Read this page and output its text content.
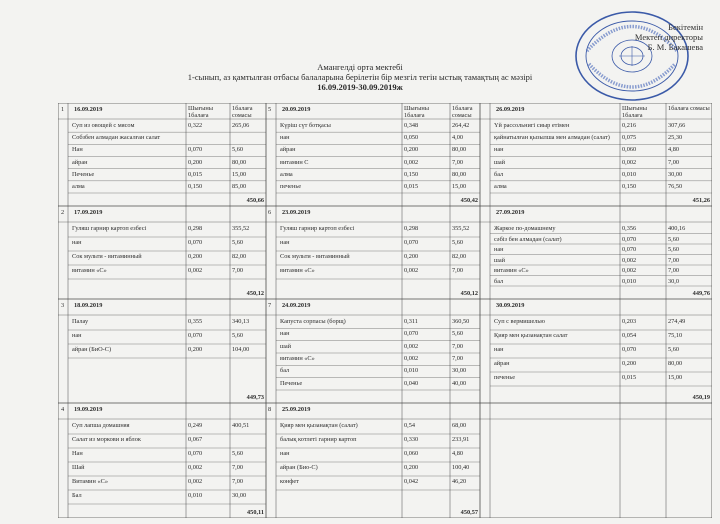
Бекітемін
Мектеп директоры
Б. М. Бакашева
Амангелді орта мектебі
1-сынып, аз қамтылған отбасы балаларына берілетін бір мезгіл тегін ыстық тамақтың ас мәзірі
16.09.2019-30.09.2019ж
Шығыны 1балаға
1балаға сомасы
Шығыны 1балаға
1балаға сомасы
Шығыны 1балаға
1балаға сомасы
1 16.09.2019
Суп из овощей с мясом	0,322	265,06
Собзбен алмадан жасалған салат
Нан	0,070	5,60
айран	0,200	80,00
Печенье	0,015	15,00
алма	0,150	85,00
450,66
5 20.09.2019
Күріш сүт ботқасы	0,348	264,42
нан	0,050	4,00
айран	0,200	80,00
витамин С	0,002	7,00
алма	0,150	80,00
печенье	0,015	15,00
450,42
26.09.2019
Үй рассольнигі сиыр етімен	0,216	307,66
қайнатылған қызылша мен алмадан (салат)	0,075	25,30
нан	0,060	4,80
шай	0,002	7,00
бал	0,010	30,00
алма	0,150	76,50
451,26
2 17.09.2019
Гуляш гарнир картоп езбесі	0,298	355,52
нан	0,070	5,60
Сок мульти - витаминный	0,200	82,00
витамин «С»	0,002	7,00
450,12
6 23.09.2019
Гуляш гарнир картоп езбесі	0,298	355,52
нан	0,070	5,60
Сок мульти - витаминный	0,200	82,00
витамин «С»	0,002	7,00
450,12
27.09.2019
Жаркое по-домашнему	0,356	400,16
сәбіз бен алмадан (салат)	0,070	5,60
нан	0,070	5,60
шай	0,002	7,00
витамин «С»	0,002	7,00
бал	0,010	30,0
449,76
3 18.09.2019
Палау	0,355	340,13
нан	0,070	5,60
айран (БиО-С)	0,200	104,00
449,73
7 24.09.2019
Капуста сорпасы (борщ)	0,311	360,50
нан	0,070	5,60
шай	0,002	7,00
витамин «С»	0,002	7,00
бал	0,010	30,00
Печенье	0,040	40,00
30.09.2019
Суп с вермишелью	0,203	274,49
Қияр мен қызанақтан салат	0,054	75,10
нан	0,070	5,60
айран	0,200	80,00
печенье	0,015	15,00
450,19
4 19.09.2019
Суп лапша домашняя	0,249	400,51
Салат из моркови и яблок	0,067
Нан	0,070	5,60
Шай	0,002	7,00
Витамин «С»	0,002	7,00
Бал	0,010	30,00
450,11
8 25.09.2019
Қияр мен қызанақтан (салат)	0,54	68,00
балық котлеті гарнир картоп	0,330	233,91
нан	0,060	4,80
айран (Био-С)	0,200	100,40
конфет	0,042	46,20
450,57
